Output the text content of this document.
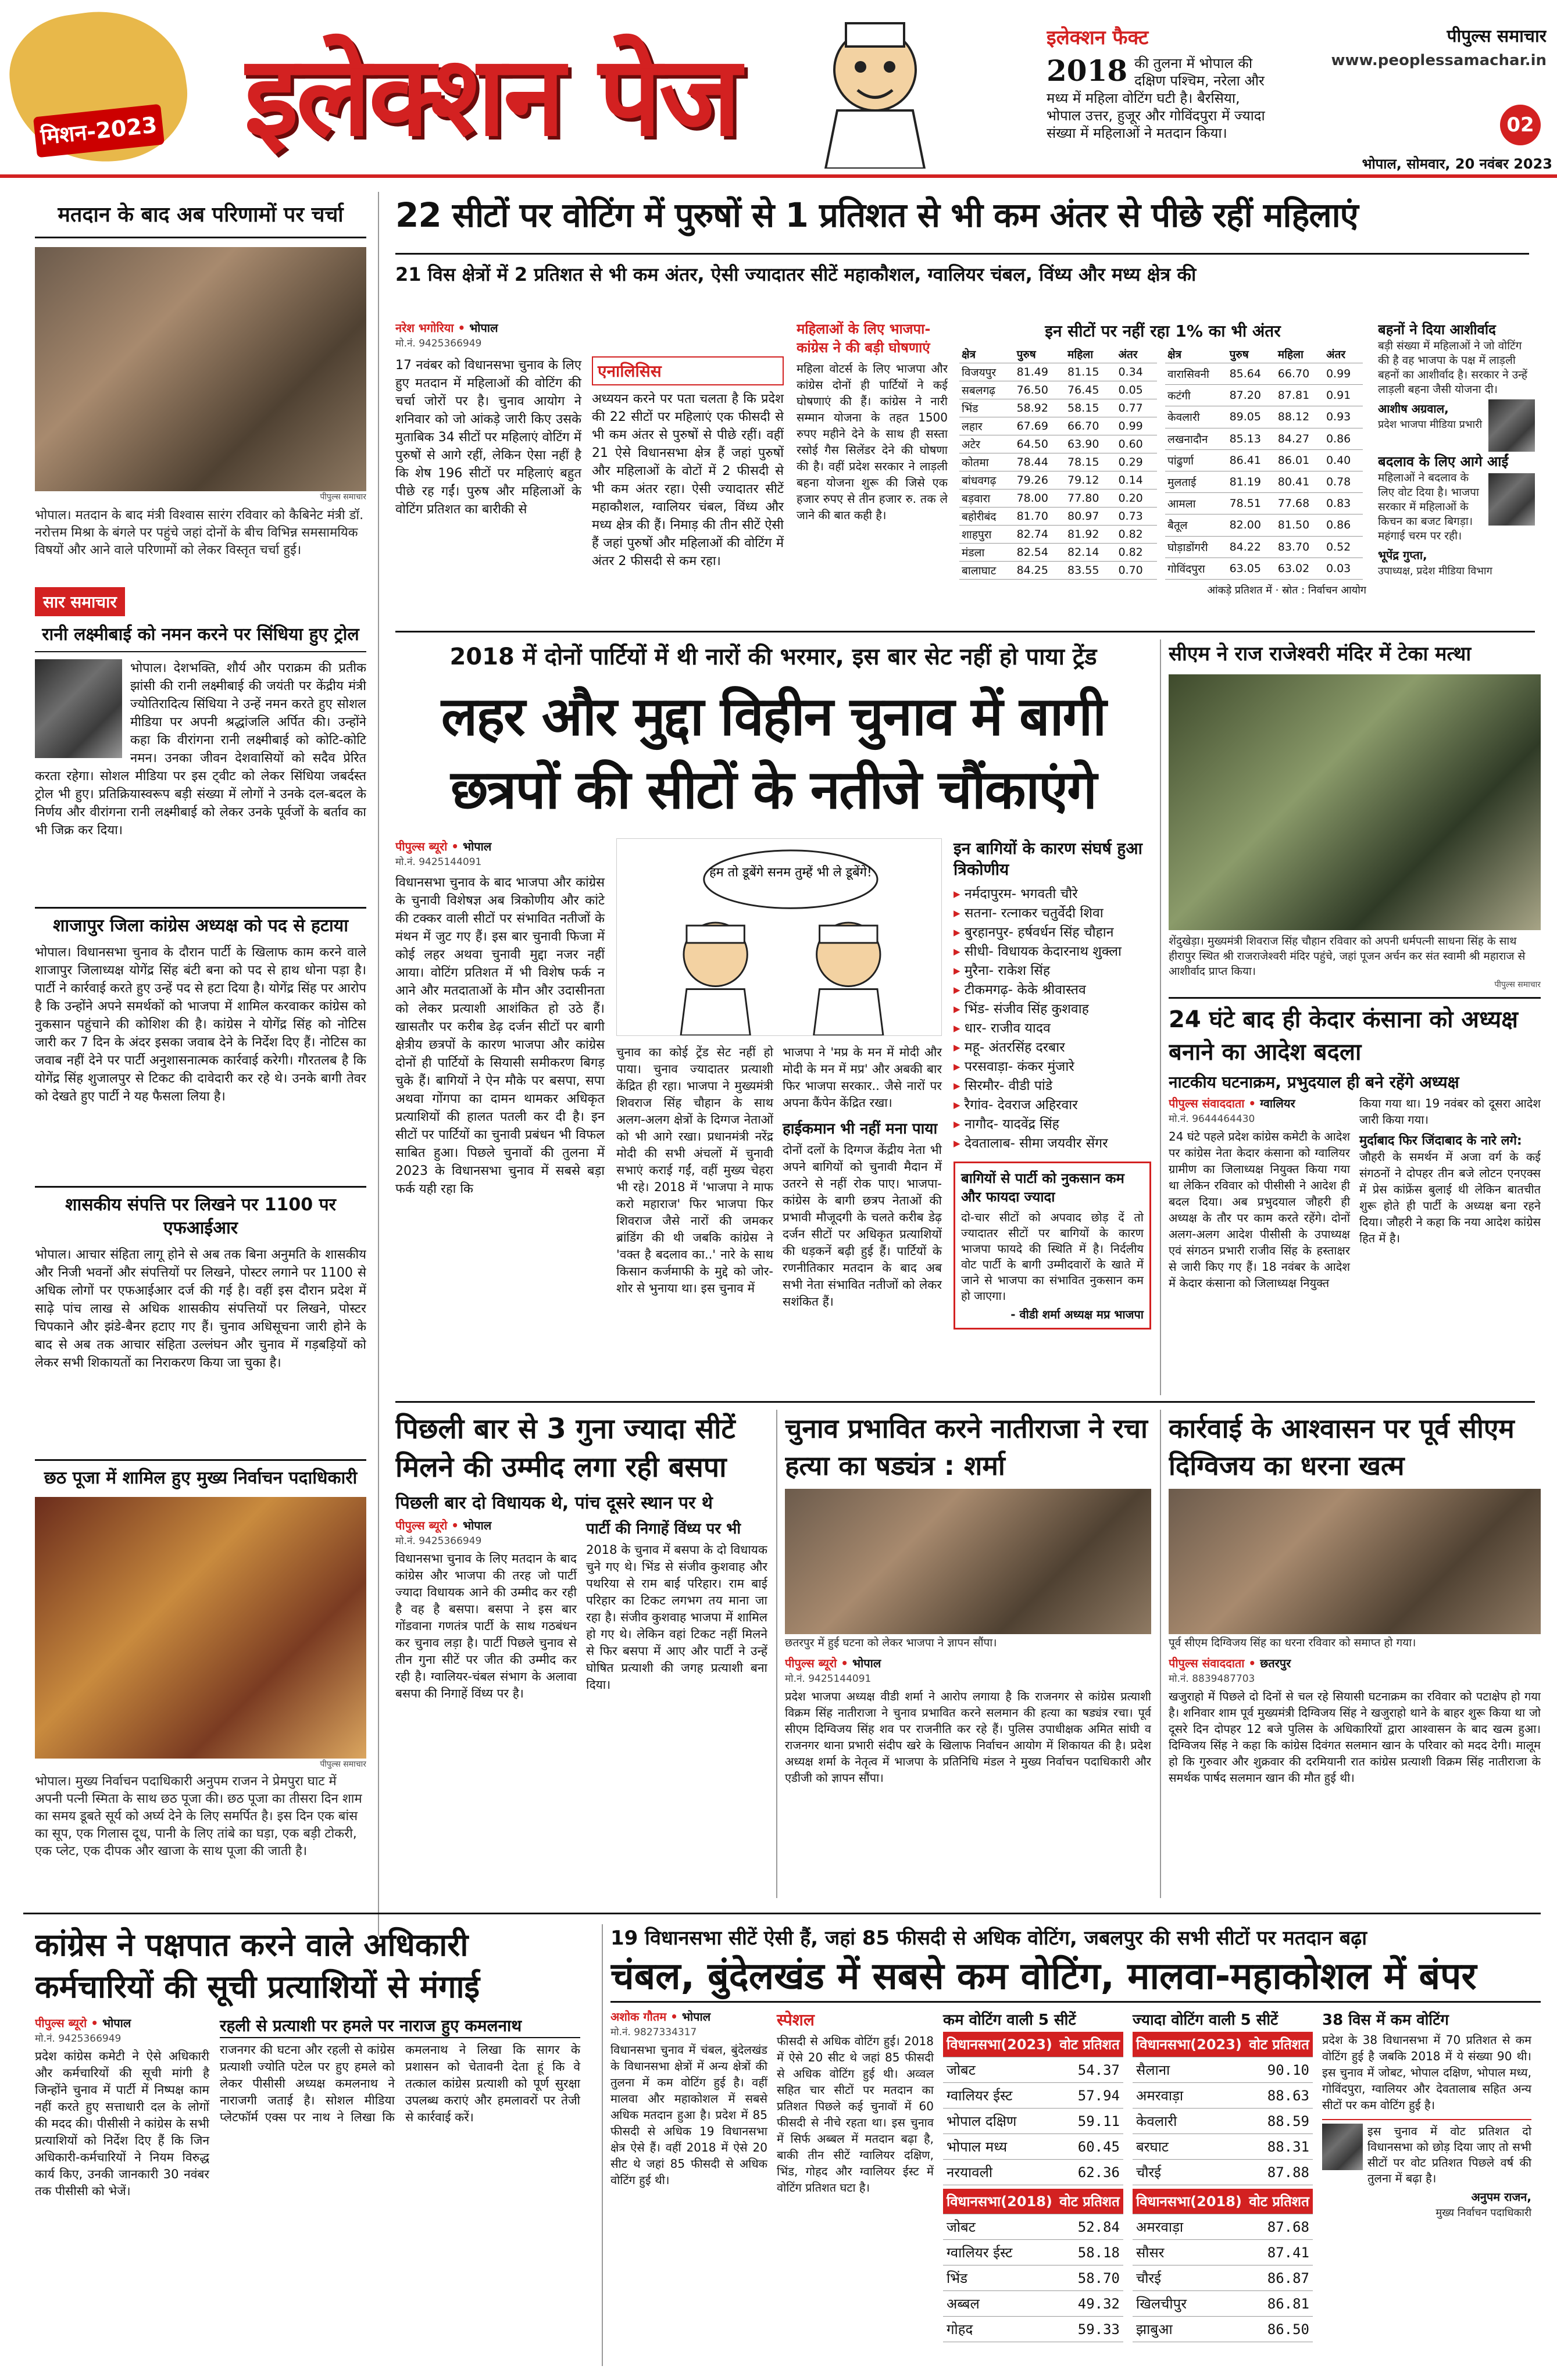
मिशन-2023 इलेक्शन पेज	इलेक्शन फैक्ट
2018 की तुलना में भोपाल की दक्षिण पश्चिम, नरेला और मध्य में महिला वोटिंग घटी है। बैरसिया, भोपाल उत्तर, हुजूर और गोविंदपुरा में ज्यादा संख्या में महिलाओं ने मतदान किया।
पीपुल्स समाचार
www.peoplessamachar.in
02
भोपाल, सोमवार, 20 नवंबर 2023
मतदान के बाद अब परिणामों पर चर्चा
पीपुल्स समाचार
भोपाल। मतदान के बाद मंत्री विश्वास सारंग रविवार को कैबिनेट मंत्री डॉ. नरोत्तम मिश्रा के बंगले पर पहुंचे जहां दोनों के बीच विभिन्न समसामयिक विषयों और आने वाले परिणामों को लेकर विस्तृत चर्चा हुई।
सार समाचार
रानी लक्ष्मीबाई को नमन करने पर सिंधिया हुए ट्रोल
भोपाल। देशभक्ति, शौर्य और पराक्रम की प्रतीक झांसी की रानी लक्ष्मीबाई की जयंती पर केंद्रीय मंत्री ज्योतिरादित्य सिंधिया ने उन्हें नमन करते हुए सोशल मीडिया पर अपनी श्रद्धांजलि अर्पित की। उन्होंने कहा कि वीरांगना रानी लक्ष्मीबाई को कोटि-कोटि नमन। उनका जीवन देशवासियों को सदैव प्रेरित करता रहेगा। सोशल मीडिया पर इस ट्वीट को लेकर सिंधिया जबर्दस्त ट्रोल भी हुए। प्रतिक्रियास्वरूप बड़ी संख्या में लोगों ने उनके दल-बदल के निर्णय और वीरांगना रानी लक्ष्मीबाई को लेकर उनके पूर्वजों के बर्ताव का भी जिक्र कर दिया।
शाजापुर जिला कांग्रेस अध्यक्ष को पद से हटाया
भोपाल। विधानसभा चुनाव के दौरान पार्टी के खिलाफ काम करने वाले शाजापुर जिलाध्यक्ष योगेंद्र सिंह बंटी बना को पद से हाथ धोना पड़ा है। पार्टी ने कार्रवाई करते हुए उन्हें पद से हटा दिया है। योगेंद्र सिंह पर आरोप है कि उन्होंने अपने समर्थकों को भाजपा में शामिल करवाकर कांग्रेस को नुकसान पहुंचाने की कोशिश की है। कांग्रेस ने योगेंद्र सिंह को नोटिस जारी कर 7 दिन के अंदर इसका जवाब देने के निर्देश दिए हैं। नोटिस का जवाब नहीं देने पर पार्टी अनुशासनात्मक कार्रवाई करेगी। गौरतलब है कि योगेंद्र सिंह शुजालपुर से टिकट की दावेदारी कर रहे थे। उनके बागी तेवर को देखते हुए पार्टी ने यह फैसला लिया है।
शासकीय संपत्ति पर लिखने पर 1100 पर एफआईआर
भोपाल। आचार संहिता लागू होने से अब तक बिना अनुमति के शासकीय और निजी भवनों और संपत्तियों पर लिखने, पोस्टर लगाने पर 1100 से अधिक लोगों पर एफआईआर दर्ज की गई है। वहीं इस दौरान प्रदेश में साढ़े पांच लाख से अधिक शासकीय संपत्तियों पर लिखने, पोस्टर चिपकाने और झंडे-बैनर हटाए गए हैं। चुनाव अधिसूचना जारी होने के बाद से अब तक आचार संहिता उल्लंघन और चुनाव में गड़बड़ियों को लेकर सभी शिकायतों का निराकरण किया जा चुका है।
छठ पूजा में शामिल हुए मुख्य निर्वाचन पदाधिकारी
पीपुल्स समाचार
भोपाल। मुख्य निर्वाचन पदाधिकारी अनुपम राजन ने प्रेमपुरा घाट में अपनी पत्नी स्मिता के साथ छठ पूजा की। छठ पूजा का तीसरा दिन शाम का समय डूबते सूर्य को अर्घ्य देने के लिए समर्पित है। इस दिन एक बांस का सूप, एक गिलास दूध, पानी के लिए तांबे का घड़ा, एक बड़ी टोकरी, एक प्लेट, एक दीपक और खाजा के साथ पूजा की जाती है।
22 सीटों पर वोटिंग में पुरुषों से 1 प्रतिशत से भी कम अंतर से पीछे रहीं महिलाएं
21 विस क्षेत्रों में 2 प्रतिशत से भी कम अंतर, ऐसी ज्यादातर सीटें महाकौशल, ग्वालियर चंबल, विंध्य और मध्य क्षेत्र की
नरेश भगोरिया • भोपाल
मो.नं. 9425366949
17 नवंबर को विधानसभा चुनाव के लिए हुए मतदान में महिलाओं की वोटिंग की चर्चा जोरों पर है। चुनाव आयोग ने शनिवार को जो आंकड़े जारी किए उसके मुताबिक 34 सीटों पर महिलाएं वोटिंग में पुरुषों से आगे रहीं, लेकिन ऐसा नहीं है कि शेष 196 सीटों पर महिलाएं बहुत पीछे रह गईं। पुरुष और महिलाओं के वोटिंग प्रतिशत का बारीकी से
एनालिसिस
अध्ययन करने पर पता चलता है कि प्रदेश की 22 सीटों पर महिलाएं एक फीसदी से भी कम अंतर से पुरुषों से पीछे रहीं। वहीं 21 ऐसे विधानसभा क्षेत्र हैं जहां पुरुषों और महिलाओं के वोटों में 2 फीसदी से भी कम अंतर रहा। ऐसी ज्यादातर सीटें महाकौशल, ग्वालियर चंबल, विंध्य और मध्य क्षेत्र की हैं। निमाड़ की तीन सीटें ऐसी हैं जहां पुरुषों और महिलाओं की वोटिंग में अंतर 2 फीसदी से कम रहा।
महिलाओं के लिए भाजपा-कांग्रेस ने की बड़ी घोषणाएं
महिला वोटर्स के लिए भाजपा और कांग्रेस दोनों ही पार्टियों ने कई घोषणाएं की हैं। कांग्रेस ने नारी सम्मान योजना के तहत 1500 रुपए महीने देने के साथ ही सस्ता रसोई गैस सिलेंडर देने की घोषणा की है। वहीं प्रदेश सरकार ने लाड़ली बहना योजना शुरू की जिसे एक हजार रुपए से तीन हजार रु. तक ले जाने की बात कही है।
इन सीटों पर नहीं रहा 1% का भी अंतर
क्षेत्र	पुरुष	महिला	अंतर
विजयपुर	81.49	81.15	0.34
सबलगढ़	76.50	76.45	0.05
भिंड	58.92	58.15	0.77
लहार	67.69	66.70	0.99
अटेर	64.50	63.90	0.60
कोतमा	78.44	78.15	0.29
बांधवगढ़	79.26	79.12	0.14
बड़वारा	78.00	77.80	0.20
बहोरीबंद	81.70	80.97	0.73
शाहपुरा	82.74	81.92	0.82
मंडला	82.54	82.14	0.82
बालाघाट	84.25	83.55	0.70
क्षेत्र	पुरुष	महिला	अंतर
वारासिवनी	85.64	66.70	0.99
कटंगी	87.20	87.81	0.91
केवलारी	89.05	88.12	0.93
लखनादौन	85.13	84.27	0.86
पांढुर्णा	86.41	86.01	0.40
मुलताई	81.19	80.41	0.78
आमला	78.51	77.68	0.83
बैतूल	82.00	81.50	0.86
घोड़ाडोंगरी	84.22	83.70	0.52
गोविंदपुरा	63.05	63.02	0.03
आंकड़े प्रतिशत में · स्रोत : निर्वाचन आयोग
बहनों ने दिया आशीर्वाद
बड़ी संख्या में महिलाओं ने जो वोटिंग की है वह भाजपा के पक्ष में लाड़ली बहनों का आशीर्वाद है। सरकार ने उन्हें लाड़ली बहना जैसी योजना दी।
आशीष अग्रवाल,
प्रदेश भाजपा मीडिया प्रभारी
बदलाव के लिए आगे आईं
महिलाओं ने बदलाव के लिए वोट दिया है। भाजपा सरकार में महिलाओं के किचन का बजट बिगड़ा। महंगाई चरम पर रही।
भूपेंद्र गुप्ता,
उपाध्यक्ष, प्रदेश मीडिया विभाग
2018 में दोनों पार्टियों में थी नारों की भरमार, इस बार सेट नहीं हो पाया ट्रेंड
लहर और मुद्दा विहीन चुनाव में बागी छत्रपों की सीटों के नतीजे चौंकाएंगे
पीपुल्स ब्यूरो • भोपाल
मो.नं. 9425144091
विधानसभा चुनाव के बाद भाजपा और कांग्रेस के चुनावी विशेषज्ञ अब त्रिकोणीय और कांटे की टक्कर वाली सीटों पर संभावित नतीजों के मंथन में जुट गए हैं। इस बार चुनावी फिजा में कोई लहर अथवा चुनावी मुद्दा नजर नहीं आया। वोटिंग प्रतिशत में भी विशेष फर्क न आने और मतदाताओं के मौन और उदासीनता को लेकर प्रत्याशी आशंकित हो उठे हैं। खासतौर पर करीब डेढ़ दर्जन सीटों पर बागी क्षेत्रीय छत्रपों के कारण भाजपा और कांग्रेस दोनों ही पार्टियों के सियासी समीकरण बिगड़ चुके हैं। बागियों ने ऐन मौके पर बसपा, सपा अथवा गोंगपा का दामन थामकर अधिकृत प्रत्याशियों की हालत पतली कर दी है। इन सीटों पर पार्टियों का चुनावी प्रबंधन भी विफल साबित हुआ। पिछले चुनावों की तुलना में 2023 के विधानसभा चुनाव में सबसे बड़ा फर्क यही रहा कि
हम तो डूबेंगे सनम तुम्हें भी ले डूबेंगे!
चुनाव का कोई ट्रेंड सेट नहीं हो पाया। चुनाव ज्यादातर प्रत्याशी केंद्रित ही रहा। भाजपा ने मुख्यमंत्री शिवराज सिंह चौहान के साथ अलग-अलग क्षेत्रों के दिग्गज नेताओं को भी आगे रखा। प्रधानमंत्री नरेंद्र मोदी की सभी अंचलों में चुनावी सभाएं कराई गईं, वहीं मुख्य चेहरा भी रहे। 2018 में 'भाजपा ने माफ करो महाराज' फिर भाजपा फिर शिवराज जैसे नारों की जमकर ब्रांडिंग की थी जबकि कांग्रेस ने 'वक्त है बदलाव का..' नारे के साथ किसान कर्जमाफी के मुद्दे को जोर-शोर से भुनाया था। इस चुनाव में
भाजपा ने 'मप्र के मन में मोदी और मोदी के मन में मप्र' और अबकी बार फिर भाजपा सरकार.. जैसे नारों पर अपना कैंपेन केंद्रित रखा।
हाईकमान भी नहीं मना पाया
दोनों दलों के दिग्गज केंद्रीय नेता भी अपने बागियों को चुनावी मैदान में उतरने से नहीं रोक पाए। भाजपा-कांग्रेस के बागी छत्रप नेताओं की प्रभावी मौजूदगी के चलते करीब डेढ़ दर्जन सीटों पर अधिकृत प्रत्याशियों की धड़कनें बढ़ी हुई हैं। पार्टियों के रणनीतिकार मतदान के बाद अब सभी नेता संभावित नतीजों को लेकर सशंकित हैं।
इन बागियों के कारण संघर्ष हुआ त्रिकोणीय
▸ नर्मदापुरम- भगवती चौरे
▸ सतना- रत्नाकर चतुर्वेदी शिवा
▸ बुरहानपुर- हर्षवर्धन सिंह चौहान
▸ सीधी- विधायक केदारनाथ शुक्ला
▸ मुरैना- राकेश सिंह
▸ टीकमगढ़- केके श्रीवास्तव
▸ भिंड- संजीव सिंह कुशवाह
▸ धार- राजीव यादव
▸ महू- अंतरसिंह दरबार
▸ परसवाड़ा- कंकर मुंजारे
▸ सिरमौर- वीडी पांडे
▸ रैगांव- देवराज अहिरवार
▸ नागौद- यादवेंद्र सिंह
▸ देवतालाब- सीमा जयवीर सेंगर
बागियों से पार्टी को नुकसान कम और फायदा ज्यादा
दो-चार सीटों को अपवाद छोड़ दें तो ज्यादातर सीटों पर बागियों के कारण भाजपा फायदे की स्थिति में है। निर्दलीय वोट पार्टी के बागी उम्मीदवारों के खाते में जाने से भाजपा का संभावित नुकसान कम हो जाएगा।
- वीडी शर्मा अध्यक्ष मप्र भाजपा
सीएम ने राज राजेश्वरी मंदिर में टेका मत्था
शेंदुखेड़ा। मुख्यमंत्री शिवराज सिंह चौहान रविवार को अपनी धर्मपत्नी साधना सिंह के साथ हीरापुर स्थित श्री राजराजेश्वरी मंदिर पहुंचे, जहां पूजन अर्चन कर संत स्वामी श्री महाराज से आशीर्वाद प्राप्त किया।
पीपुल्स समाचार
24 घंटे बाद ही केदार कंसाना को अध्यक्ष बनाने का आदेश बदला
नाटकीय घटनाक्रम, प्रभुदयाल ही बने रहेंगे अध्यक्ष
पीपुल्स संवाददाता • ग्वालियर
मो.नं. 9644464430
24 घंटे पहले प्रदेश कांग्रेस कमेटी के आदेश पर कांग्रेस नेता केदार कंसाना को ग्वालियर ग्रामीण का जिलाध्यक्ष नियुक्त किया गया था लेकिन रविवार को पीसीसी ने आदेश ही बदल दिया। अब प्रभुदयाल जौहरी ही अध्यक्ष के तौर पर काम करते रहेंगे। दोनों अलग-अलग आदेश पीसीसी के उपाध्यक्ष एवं संगठन प्रभारी राजीव सिंह के हस्ताक्षर से जारी किए गए हैं। 18 नवंबर के आदेश में केदार कंसाना को जिलाध्यक्ष नियुक्त
किया गया था। 19 नवंबर को दूसरा आदेश जारी किया गया।
मुर्दाबाद फिर जिंदाबाद के नारे लगे:
जौहरी के समर्थन में अजा वर्ग के कई संगठनों ने दोपहर तीन बजे लोटन एनएक्स में प्रेस कांफ्रेंस बुलाई थी लेकिन बातचीत शुरू होते ही पार्टी के अध्यक्ष बना रहने दिया। जौहरी ने कहा कि नया आदेश कांग्रेस हित में है।
पिछली बार से 3 गुना ज्यादा सीटें मिलने की उम्मीद लगा रही बसपा
पिछली बार दो विधायक थे, पांच दूसरे स्थान पर थे
पीपुल्स ब्यूरो • भोपाल
मो.नं. 9425366949
विधानसभा चुनाव के लिए मतदान के बाद कांग्रेस और भाजपा की तरह जो पार्टी ज्यादा विधायक आने की उम्मीद कर रही है वह है बसपा। बसपा ने इस बार गोंडवाना गणतंत्र पार्टी के साथ गठबंधन कर चुनाव लड़ा है। पार्टी पिछले चुनाव से तीन गुना सीटें पर जीत की उम्मीद कर रही है। ग्वालियर-चंबल संभाग के अलावा बसपा की निगाहें विंध्य पर है।
पार्टी की निगाहें विंध्य पर भी
2018 के चुनाव में बसपा के दो विधायक चुने गए थे। भिंड से संजीव कुशवाह और पथरिया से राम बाई परिहार। राम बाई परिहार का टिकट लगभग तय माना जा रहा है। संजीव कुशवाह भाजपा में शामिल हो गए थे। लेकिन वहां टिकट नहीं मिलने से फिर बसपा में आए और पार्टी ने उन्हें घोषित प्रत्याशी की जगह प्रत्याशी बना दिया।
चुनाव प्रभावित करने नातीराजा ने रचा हत्या का षड्यंत्र : शर्मा
छतरपुर में हुई घटना को लेकर भाजपा ने ज्ञापन सौंपा।
पीपुल्स ब्यूरो • भोपाल
मो.नं. 9425144091
प्रदेश भाजपा अध्यक्ष वीडी शर्मा ने आरोप लगाया है कि राजनगर से कांग्रेस प्रत्याशी विक्रम सिंह नातीराजा ने चुनाव प्रभावित करने सलमान की हत्या का षड्यंत्र रचा। पूर्व सीएम दिग्विजय सिंह शव पर राजनीति कर रहे हैं। पुलिस उपाधीक्षक अमित सांघी व राजनगर थाना प्रभारी संदीप खरे के खिलाफ निर्वाचन आयोग में शिकायत की है। प्रदेश अध्यक्ष शर्मा के नेतृत्व में भाजपा के प्रतिनिधि मंडल ने मुख्य निर्वाचन पदाधिकारी और एडीजी को ज्ञापन सौंपा।
कार्रवाई के आश्वासन पर पूर्व सीएम दिग्विजय का धरना खत्म
पूर्व सीएम दिग्विजय सिंह का धरना रविवार को समाप्त हो गया।
पीपुल्स संवाददाता • छतरपुर
मो.नं. 8839487703
खजुराहो में पिछले दो दिनों से चल रहे सियासी घटनाक्रम का रविवार को पटाक्षेप हो गया है। शनिवार शाम पूर्व मुख्यमंत्री दिग्विजय सिंह ने खजुराहो थाने के बाहर शुरू किया था जो दूसरे दिन दोपहर 12 बजे पुलिस के अधिकारियों द्वारा आश्वासन के बाद खत्म हुआ। दिग्विजय सिंह ने कहा कि कांग्रेस दिवंगत सलमान खान के परिवार को मदद देगी। मालूम हो कि गुरुवार और शुक्रवार की दरमियानी रात कांग्रेस प्रत्याशी विक्रम सिंह नातीराजा के समर्थक पार्षद सलमान खान की मौत हुई थी।
कांग्रेस ने पक्षपात करने वाले अधिकारी कर्मचारियों की सूची प्रत्याशियों से मंगाई
पीपुल्स ब्यूरो • भोपाल
मो.नं. 9425366949
प्रदेश कांग्रेस कमेटी ने ऐसे अधिकारी और कर्मचारियों की सूची मांगी है जिन्होंने चुनाव में पार्टी में निष्पक्ष काम नहीं करते हुए सत्ताधारी दल के लोगों की मदद की। पीसीसी ने कांग्रेस के सभी प्रत्याशियों को निर्देश दिए हैं कि जिन अधिकारी-कर्मचारियों ने नियम विरुद्ध कार्य किए, उनकी जानकारी 30 नवंबर तक पीसीसी को भेजें।
रहली से प्रत्याशी पर हमले पर नाराज हुए कमलनाथ
राजनगर की घटना और रहली से कांग्रेस प्रत्याशी ज्योति पटेल पर हुए हमले को लेकर पीसीसी अध्यक्ष कमलनाथ ने नाराजगी जताई है। सोशल मीडिया प्लेटफॉर्म एक्स पर नाथ ने लिखा कि कमलनाथ ने लिखा कि सागर के प्रशासन को चेतावनी देता हूं कि वे तत्काल कांग्रेस प्रत्याशी को पूर्ण सुरक्षा उपलब्ध कराएं और हमलावरों पर तेजी से कार्रवाई करें।
19 विधानसभा सीटें ऐसी हैं, जहां 85 फीसदी से अधिक वोटिंग, जबलपुर की सभी सीटों पर मतदान बढ़ा
चंबल, बुंदेलखंड में सबसे कम वोटिंग, मालवा-महाकोशल में बंपर
अशोक गौतम • भोपाल
मो.नं. 9827334317
विधानसभा चुनाव में चंबल, बुंदेलखंड के विधानसभा क्षेत्रों में अन्य क्षेत्रों की तुलना में कम वोटिंग हुई है। वहीं मालवा और महाकोशल में सबसे अधिक मतदान हुआ है। प्रदेश में 85 फीसदी से अधिक 19 विधानसभा क्षेत्र ऐसे हैं। वहीं 2018 में ऐसे 20 सीट थे जहां 85 फीसदी से अधिक वोटिंग हुई थी।
स्पेशल
फीसदी से अधिक वोटिंग हुई। 2018 में ऐसे 20 सीट थे जहां 85 फीसदी से अधिक वोटिंग हुई थी। अव्वल सहित चार सीटों पर मतदान का प्रतिशत पिछले कई चुनावों में 60 फीसदी से नीचे रहता था। इस चुनाव में सिर्फ अब्बल में मतदान बढ़ा है, बाकी तीन सीटें ग्वालियर दक्षिण, भिंड, गोहद और ग्वालियर ईस्ट में वोटिंग प्रतिशत घटा है।
कम वोटिंग वाली 5 सीटें
विधानसभा(2023)	वोट प्रतिशत
जोबट	54.37
ग्वालियर ईस्ट	57.94
भोपाल दक्षिण	59.11
भोपाल मध्य	60.45
नरयावली	62.36
विधानसभा(2018)	वोट प्रतिशत
जोबट	52.84
ग्वालियर ईस्ट	58.18
भिंड	58.70
अब्बल	49.32
गोहद	59.33
ज्यादा वोटिंग वाली 5 सीटें
विधानसभा(2023)	वोट प्रतिशत
सैलाना	90.10
अमरवाड़ा	88.63
केवलारी	88.59
बरघाट	88.31
चौरई	87.88
विधानसभा(2018)	वोट प्रतिशत
अमरवाड़ा	87.68
सौसर	87.41
चौरई	86.87
खिलचीपुर	86.81
झाबुआ	86.50
38 विस में कम वोटिंग
प्रदेश के 38 विधानसभा में 70 प्रतिशत से कम वोटिंग हुई है जबकि 2018 में ये संख्या 90 थी। इस चुनाव में जोबट, भोपाल दक्षिण, भोपाल मध्य, गोविंदपुरा, ग्वालियर और देवतालाब सहित अन्य सीटों पर कम वोटिंग हुई है।
इस चुनाव में वोट प्रतिशत दो विधानसभा को छोड़ दिया जाए तो सभी सीटों पर वोट प्रतिशत पिछले वर्ष की तुलना में बढ़ा है।
अनुपम राजन,
मुख्य निर्वाचन पदाधिकारी
